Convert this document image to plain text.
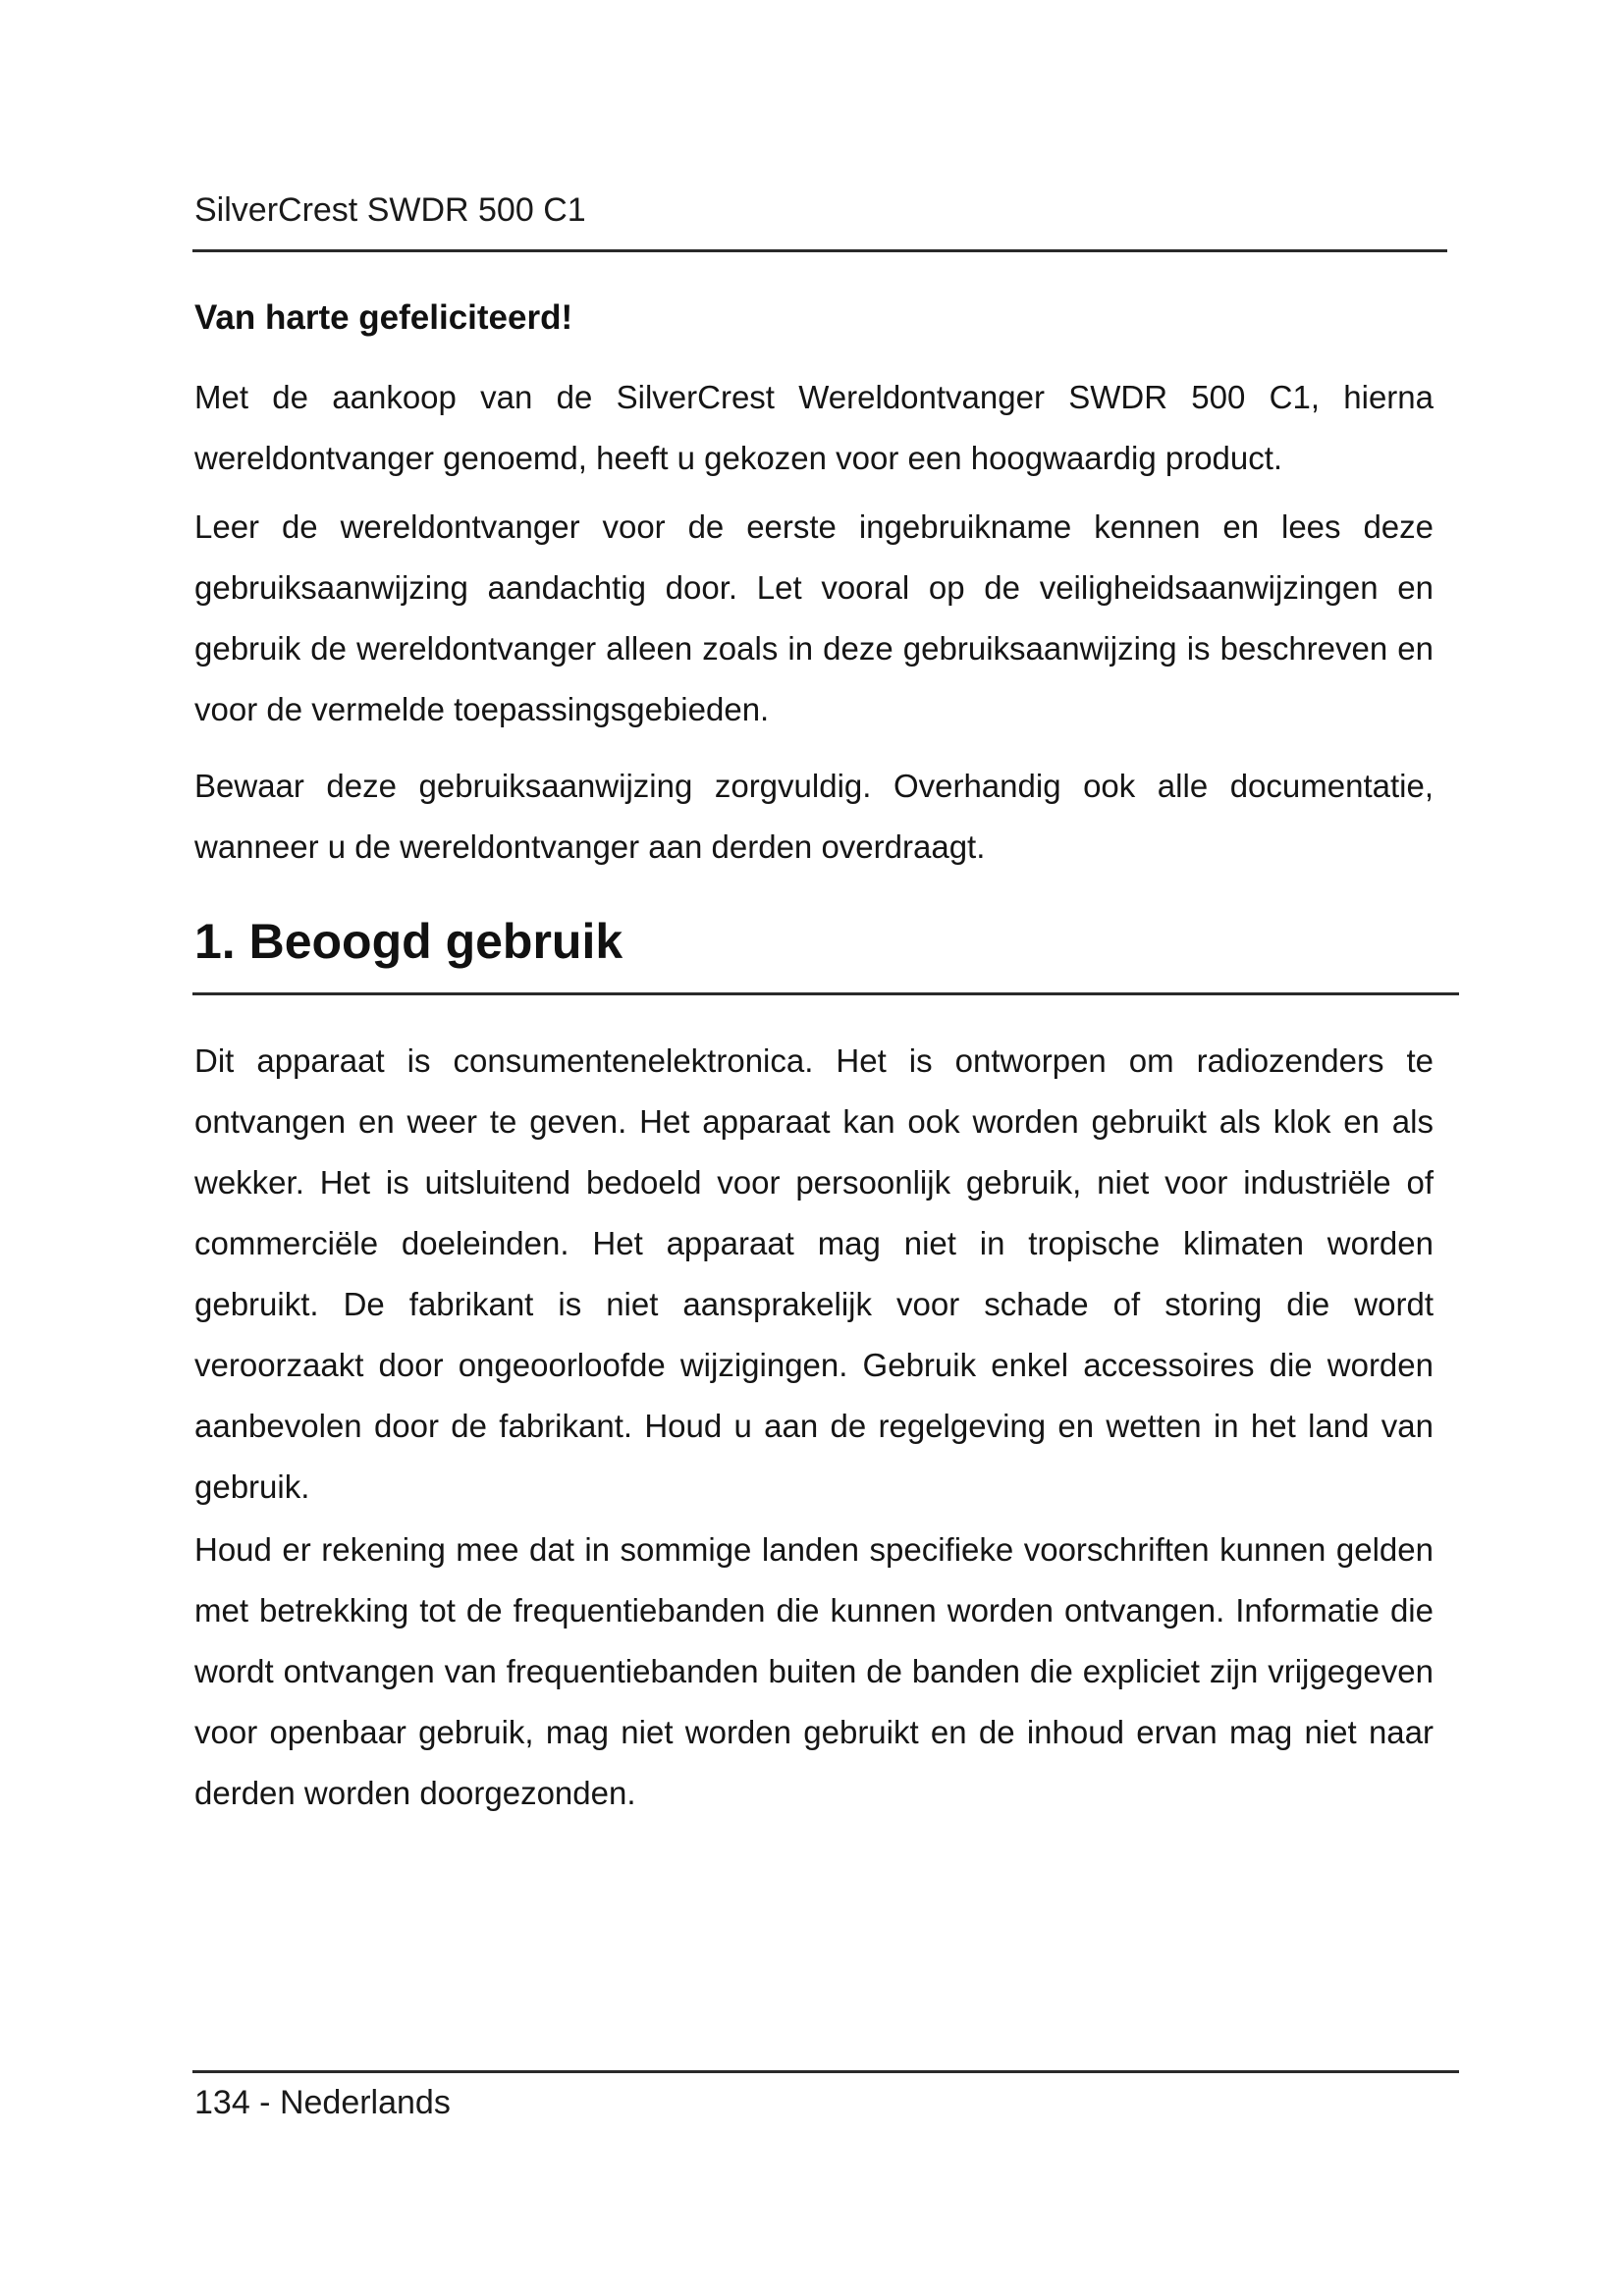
SilverCrest SWDR 500 C1
Van harte gefeliciteerd!

Met de aankoop van de SilverCrest Wereldontvanger SWDR 500 C1, hierna wereldontvanger genoemd, heeft u gekozen voor een hoogwaardig product.

Leer de wereldontvanger voor de eerste ingebruikname kennen en lees deze gebruiksaanwijzing aandachtig door. Let vooral op de veiligheidsaanwijzingen en gebruik de wereldontvanger alleen zoals in deze gebruiksaanwijzing is beschreven en voor de vermelde toepassingsgebieden.

Bewaar deze gebruiksaanwijzing zorgvuldig. Overhandig ook alle documentatie, wanneer u de wereldontvanger aan derden overdraagt.

1. Beoogd gebruik

Dit apparaat is consumentenelektronica. Het is ontworpen om radiozenders te ontvangen en weer te geven. Het apparaat kan ook worden gebruikt als klok en als wekker. Het is uitsluitend bedoeld voor persoonlijk gebruik, niet voor industriële of commerciële doeleinden. Het apparaat mag niet in tropische klimaten worden gebruikt. De fabrikant is niet aansprakelijk voor schade of storing die wordt veroorzaakt door ongeoorloofde wijzigingen. Gebruik enkel accessoires die worden aanbevolen door de fabrikant. Houd u aan de regelgeving en wetten in het land van gebruik.

Houd er rekening mee dat in sommige landen specifieke voorschriften kunnen gelden met betrekking tot de frequentiebanden die kunnen worden ontvangen. Informatie die wordt ontvangen van frequentiebanden buiten de banden die expliciet zijn vrijgegeven voor openbaar gebruik, mag niet worden gebruikt en de inhoud ervan mag niet naar derden worden doorgezonden.

134 - Nederlands
